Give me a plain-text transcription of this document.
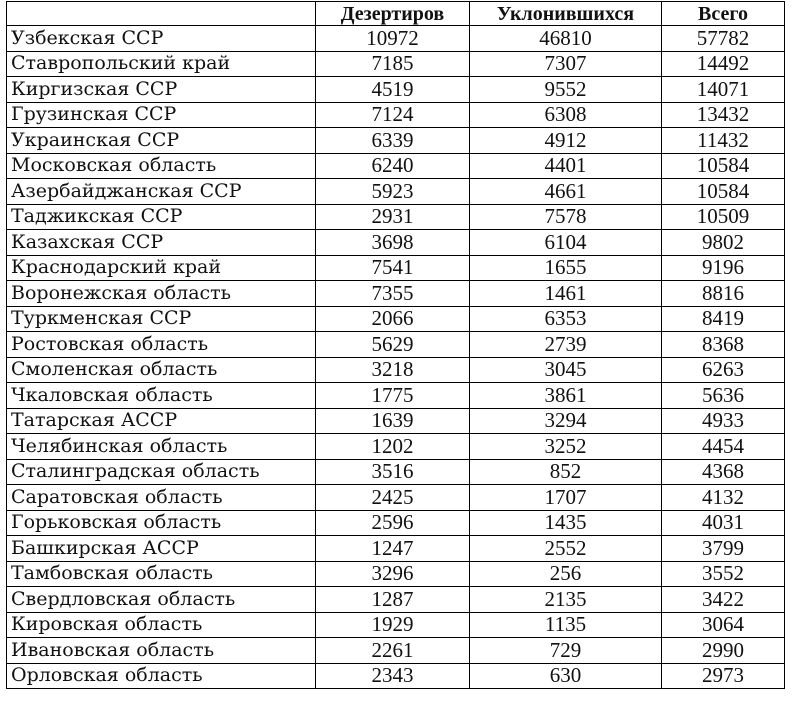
	Дезертиров	Уклонившихся	Всего
Узбекская ССР	10972	46810	57782
Ставропольский край	7185	7307	14492
Киргизская ССР	4519	9552	14071
Грузинская ССР	7124	6308	13432
Украинская ССР	6339	4912	11432
Московская область	6240	4401	10584
Азербайджанская ССР	5923	4661	10584
Таджикская ССР	2931	7578	10509
Казахская ССР	3698	6104	9802
Краснодарский край	7541	1655	9196
Воронежская область	7355	1461	8816
Туркменская ССР	2066	6353	8419
Ростовская область	5629	2739	8368
Смоленская область	3218	3045	6263
Чкаловская область	1775	3861	5636
Татарская АССР	1639	3294	4933
Челябинская область	1202	3252	4454
Сталинградская область	3516	852	4368
Саратовская область	2425	1707	4132
Горьковская область	2596	1435	4031
Башкирская АССР	1247	2552	3799
Тамбовская область	3296	256	3552
Свердловская область	1287	2135	3422
Кировская область	1929	1135	3064
Ивановская область	2261	729	2990
Орловская область	2343	630	2973
